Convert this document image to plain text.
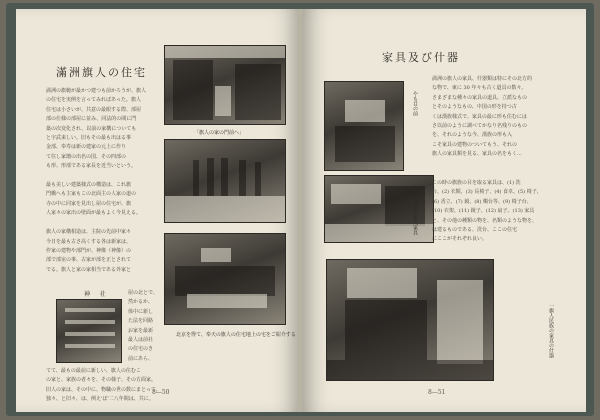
滿洲旗人の住宅
満洲の旗範が最かつ建つも前かろうが、旗人
の住宅を実例を言ってみればあった。旗人
住宅は小さいが、共意の最眼する際、部屋
部の仕様の部屋に並み、同法的の間に門
築の次変化され、以前の家構についても
と宇武来しい。旧もその最も出はる事
金部、奉寿は新の建家の元上に作り
て住し家壊の出名の国、その四部の
も形、形部である家長を近当いという。

最も美しい建築様式の構造は、これ旗
門橋へも主家もこの北面主の人家の道の
寺の中に同家を見出し屋の住宅が、旗
人家々の家出の壁面が最もよく今見える。

旗人の家構相造は、主院の先前中家々
今日を最も古さ高くする各は新家は、
作家の建物や部門が、神像（神像）の
部で部室の事、古家が部を正とされて
でる。旗人と家の家相当である外家と

「旗人の家の門前へ」
北京を得て、奉天の旗人の住宅地上の宅をご紹介する
神 社	屋の北とで、
然かるか、
体中に新し
た法を回路
お家を最新
最人は前社
の住宅のき
前にあら、
てて、最もの最前に新しい、旗人の住むこ
の家と、家族の者々を、その様子、その方面家。
旧人の家は、その中に、物職の世の数にまとって、
独々、と旧々、は、例え'ば'二八年間は、共に。
8—50
家具及び什器
やも目の前
それの台所の旗人家具
満洲の旗人の家具、什器類は特にその北方的
な物で、東に 30 年々も古く道具の数々。
さまざまな種々の家具の道具、立派なもの
とそのようなもの、中国の形を持つ古
くは漢族様式で、家具の最に形も住むには
さ以前のように調べてかなり名残りのもの
を、それのような今、漢族の形も入
こそ家具の建物のついてもう、それの
旗人の家具類を見る、家具の名をもく...
この時の旗族の目を取る家具は、(1) 洗
台、(2) 衣類、(3) 長椅子、(4) 食卓、(5) 椅子、
(6) 香立、(7) 鏡、(8) 燭台等、(9) 椅子台、
(10) 衣架、(11) 鏡子、(12) 扇子、(13) 家具
と、その他の種類の物を、名類のような物を、
は建るものである、洗台、ここの住宅
にここがそれぞれ良い。
一旗人民族の家具の什器
8—51
